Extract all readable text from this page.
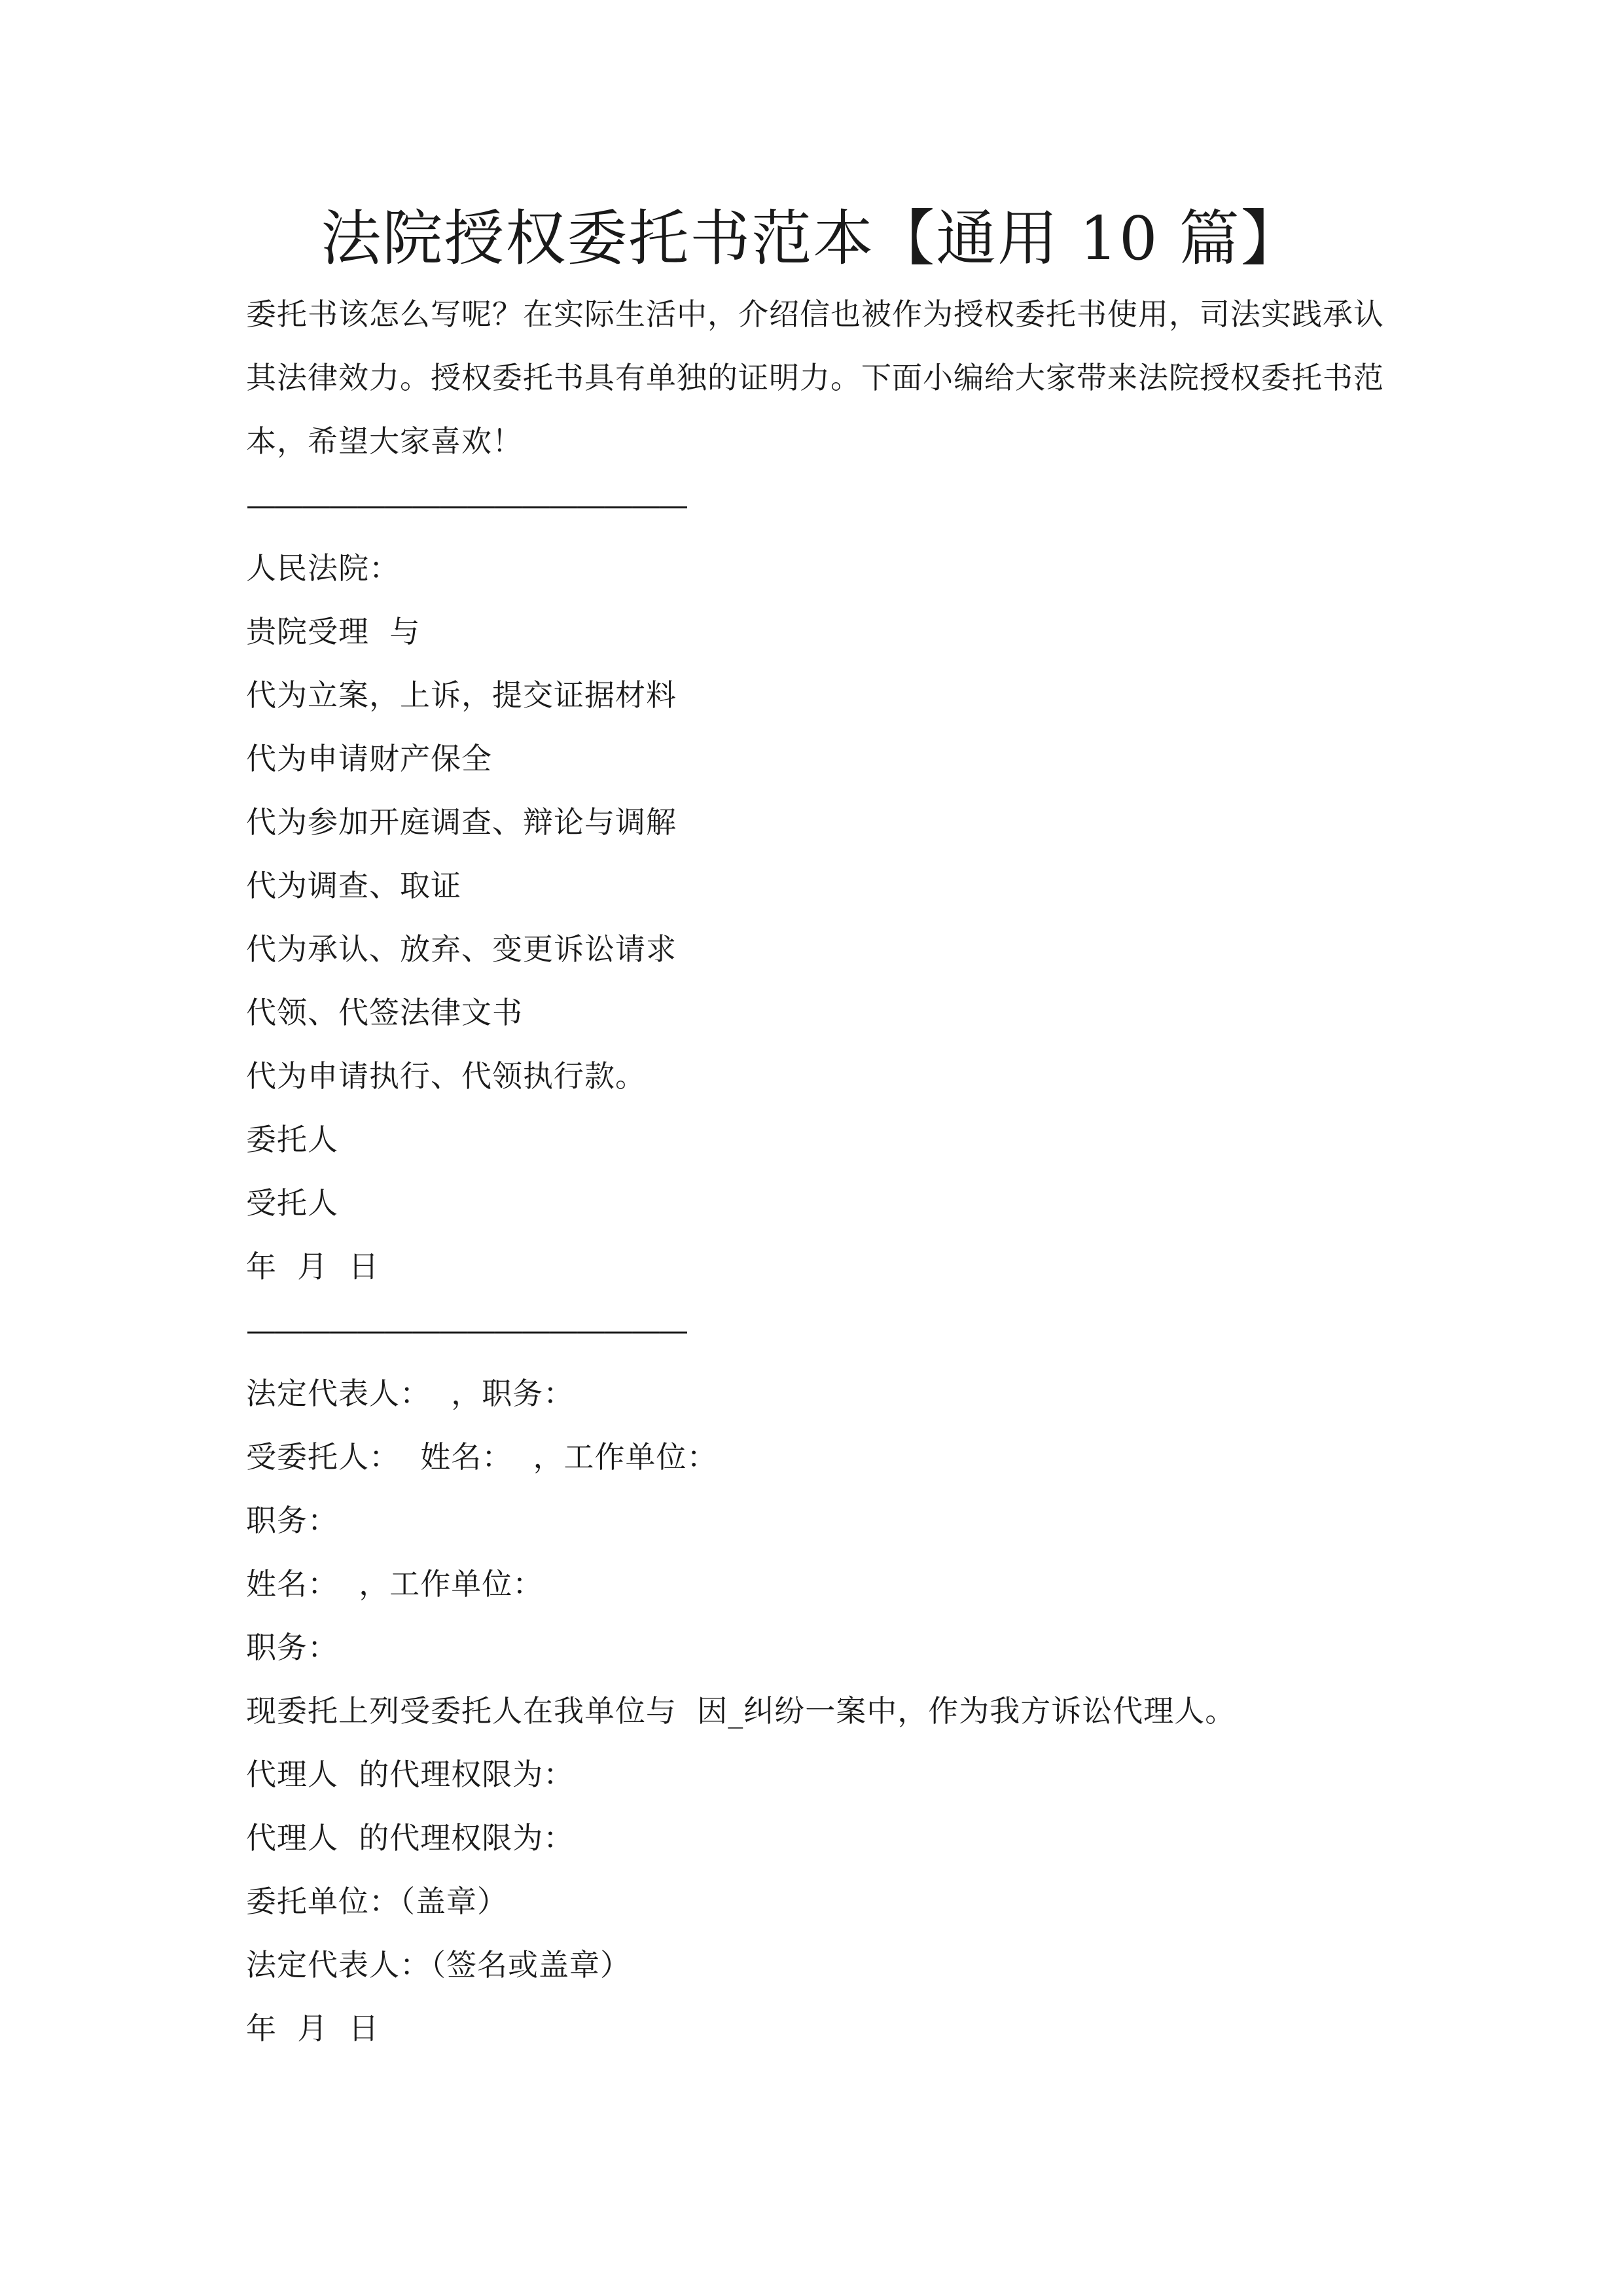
法院授权委托书范本【通用 10 篇】

委托书该怎么写呢？在实际生活中，介绍信也被作为授权委托书使用，司法实践承认其法律效力。授权委托书具有单独的证明力。下面小编给大家带来法院授权委托书范本，希望大家喜欢！

————————————————

人民法院：

贵院受理  与

代为立案，上诉，提交证据材料

代为申请财产保全

代为参加开庭调查、辩论与调解

代为调查、取证

代为承认、放弃、变更诉讼请求

代领、代签法律文书

代为申请执行、代领执行款。

委托人

受托人

年  月  日

————————————————

法定代表人：  ，职务：

受委托人：  姓名：  ，工作单位：

职务：

姓名：  ，工作单位：

职务：

现委托上列受委托人在我单位与  因_纠纷一案中，作为我方诉讼代理人。

代理人  的代理权限为：

代理人  的代理权限为：

委托单位：（盖章）

法定代表人：（签名或盖章）

年  月  日
